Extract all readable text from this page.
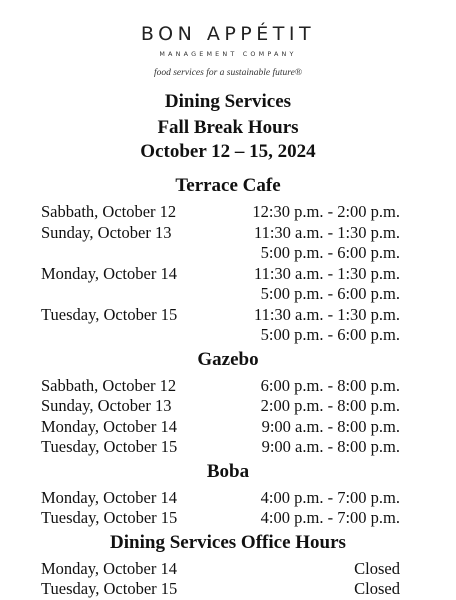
BON APPÉTIT
MANAGEMENT COMPANY
food services for a sustainable future®
Dining Services
Fall Break Hours
October 12 – 15, 2024
Terrace Cafe
Sabbath, October 12	12:30 p.m. - 2:00 p.m.
Sunday, October 13	11:30 a.m. - 1:30 p.m.
5:00 p.m. - 6:00 p.m.
Monday, October 14	11:30 a.m. - 1:30 p.m.
5:00 p.m. - 6:00 p.m.
Tuesday, October 15	11:30 a.m. - 1:30 p.m.
5:00 p.m. - 6:00 p.m.
Gazebo
Sabbath, October 12	6:00 p.m. - 8:00 p.m.
Sunday, October 13	2:00 p.m. - 8:00 p.m.
Monday, October 14	9:00 a.m. - 8:00 p.m.
Tuesday, October 15	9:00 a.m. - 8:00 p.m.
Boba
Monday, October 14	4:00 p.m. - 7:00 p.m.
Tuesday, October 15	4:00 p.m. - 7:00 p.m.
Dining Services Office Hours
Monday, October 14	Closed
Tuesday, October 15	Closed
